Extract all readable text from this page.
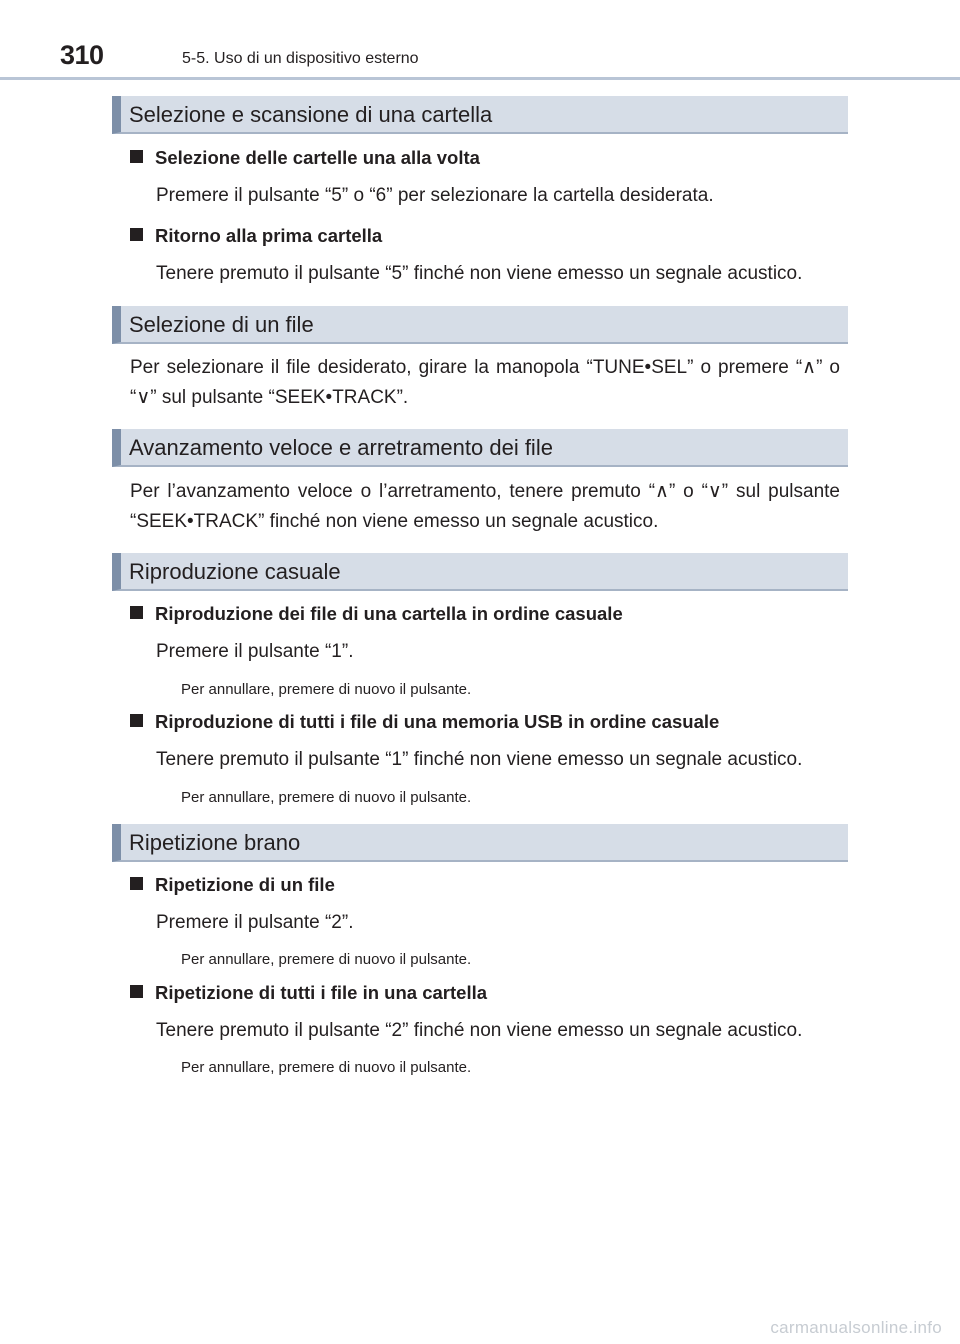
310	5-5. Uso di un dispositivo esterno
Selezione e scansione di una cartella
Selezione delle cartelle una alla volta
Premere il pulsante “5” o “6” per selezionare la cartella desiderata.
Ritorno alla prima cartella
Tenere premuto il pulsante “5” finché non viene emesso un segnale acustico.
Selezione di un file
Per selezionare il file desiderato, girare la manopola “TUNE•SEL” o premere “∧” o “∨” sul pulsante “SEEK•TRACK”.
Avanzamento veloce e arretramento dei file
Per l’avanzamento veloce o l’arretramento, tenere premuto “∧” o “∨” sul pulsante “SEEK•TRACK” finché non viene emesso un segnale acustico.
Riproduzione casuale
Riproduzione dei file di una cartella in ordine casuale
Premere il pulsante “1”.
Per annullare, premere di nuovo il pulsante.
Riproduzione di tutti i file di una memoria USB in ordine casuale
Tenere premuto il pulsante “1” finché non viene emesso un segnale acustico.
Per annullare, premere di nuovo il pulsante.
Ripetizione brano
Ripetizione di un file
Premere il pulsante “2”.
Per annullare, premere di nuovo il pulsante.
Ripetizione di tutti i file in una cartella
Tenere premuto il pulsante “2” finché non viene emesso un segnale acustico.
Per annullare, premere di nuovo il pulsante.
carmanualsonline.info
